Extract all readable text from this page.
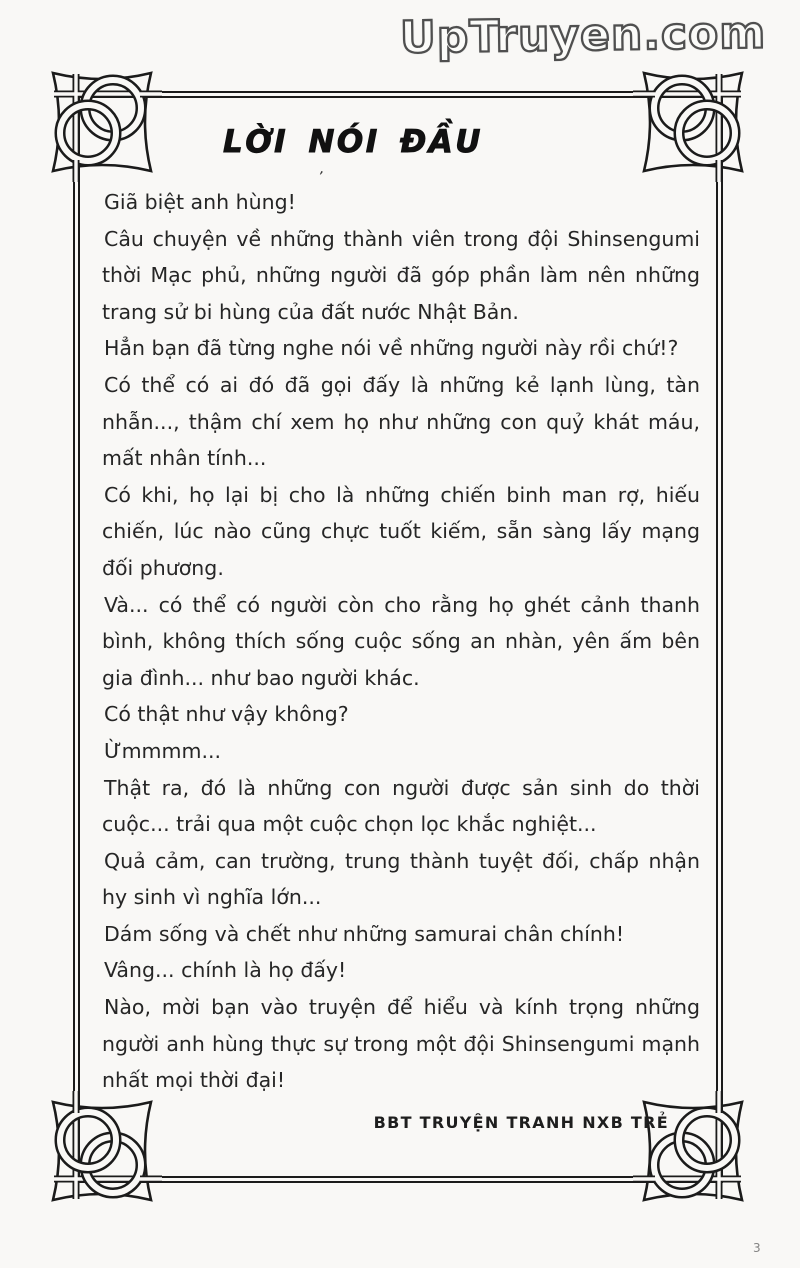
UpTruyen.com
LỜI NÓI ĐẦU
’

Giã biệt anh hùng!

Câu chuyện về những thành viên trong đội Shinsengumi thời Mạc phủ, những người đã góp phần làm nên những trang sử bi hùng của đất nước Nhật Bản.

Hẳn bạn đã từng nghe nói về những người này rồi chứ!?

Có thể có ai đó đã gọi đấy là những kẻ lạnh lùng, tàn nhẫn..., thậm chí xem họ như những con quỷ khát máu, mất nhân tính...

Có khi, họ lại bị cho là những chiến binh man rợ, hiếu chiến, lúc nào cũng chực tuốt kiếm, sẵn sàng lấy mạng đối phương.

Và... có thể có người còn cho rằng họ ghét cảnh thanh bình, không thích sống cuộc sống an nhàn, yên ấm bên gia đình... như bao người khác.

Có thật như vậy không?

Ừmmmm...

Thật ra, đó là những con người được sản sinh do thời cuộc... trải qua một cuộc chọn lọc khắc nghiệt...

Quả cảm, can trường, trung thành tuyệt đối, chấp nhận hy sinh vì nghĩa lớn...

Dám sống và chết như những samurai chân chính!

Vâng... chính là họ đấy!

Nào, mời bạn vào truyện để hiểu và kính trọng những người anh hùng thực sự trong một đội Shinsengumi mạnh nhất mọi thời đại!

BBT TRUYỆN TRANH NXB TRẺ
3
